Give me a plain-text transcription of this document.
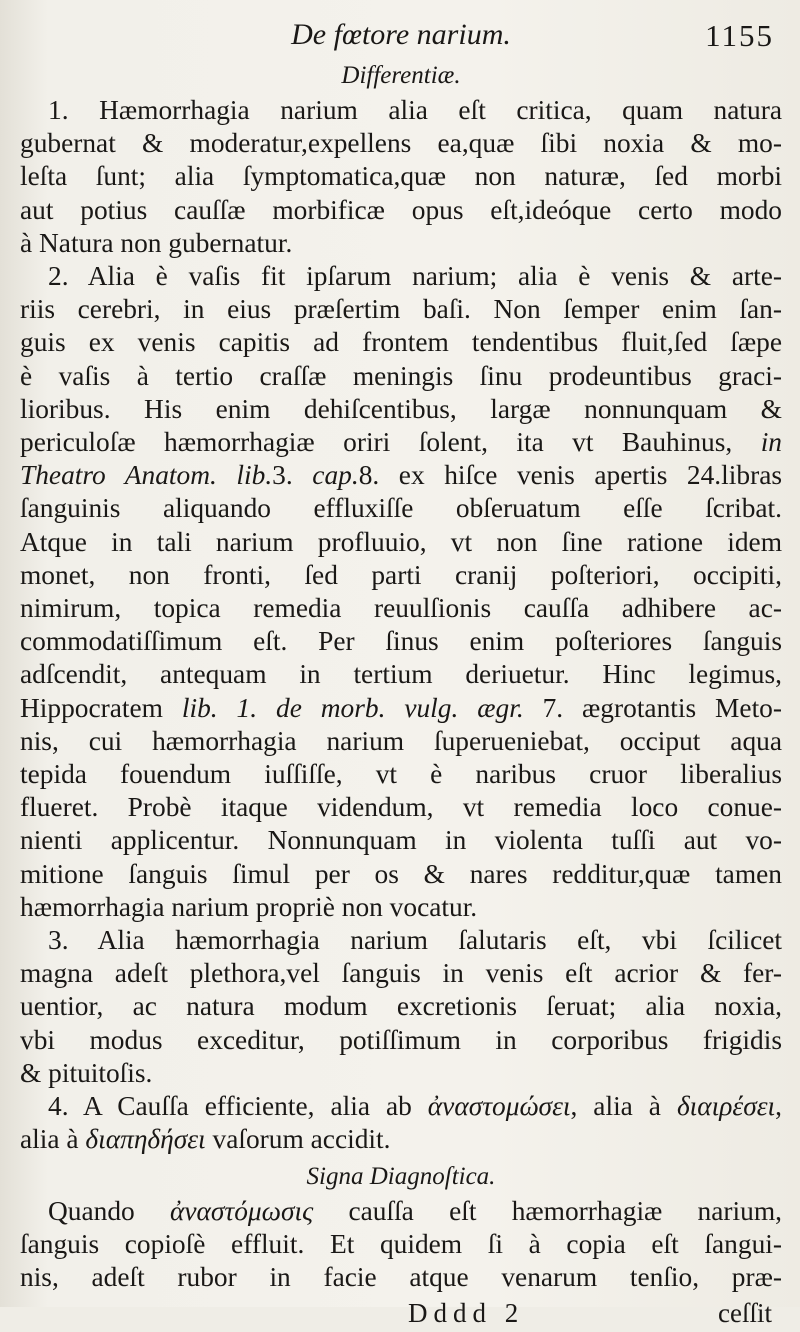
De fœtore narium.	1155
Differentiæ.
1. Hæmorrhagia narium alia eſt critica, quam natura
gubernat & moderatur,expellens ea,quæ ſibi noxia & mo-
leſta ſunt; alia ſymptomatica,quæ non naturæ, ſed morbi
aut potius cauſſæ morbificæ opus eſt,ideóque certo modo
à Natura non gubernatur.
2. Alia è vaſis fit ipſarum narium; alia è venis & arte-
riis cerebri, in eius præſertim baſi. Non ſemper enim ſan-
guis ex venis capitis ad frontem tendentibus fluit,ſed ſæpe
è vaſis à tertio craſſæ meningis ſinu prodeuntibus graci-
lioribus. His enim dehiſcentibus, largæ nonnunquam &
periculoſæ hæmorrhagiæ oriri ſolent, ita vt Bauhinus, in
Theatro Anatom. lib.3. cap.8. ex hiſce venis apertis 24.libras
ſanguinis aliquando effluxiſſe obſeruatum eſſe ſcribat.
Atque in tali narium profluuio, vt non ſine ratione idem
monet, non fronti, ſed parti cranij poſteriori, occipiti,
nimirum, topica remedia reuulſionis cauſſa adhibere ac-
commodatiſſimum eſt. Per ſinus enim poſteriores ſanguis
adſcendit, antequam in tertium deriuetur. Hinc legimus,
Hippocratem lib. 1. de morb. vulg. ægr. 7. ægrotantis Meto-
nis, cui hæmorrhagia narium ſuperueniebat, occiput aqua
tepida fouendum iuſſiſſe, vt è naribus cruor liberalius
flueret. Probè itaque videndum, vt remedia loco conue-
nienti applicentur. Nonnunquam in violenta tuſſi aut vo-
mitione ſanguis ſimul per os & nares redditur,quæ tamen
hæmorrhagia narium propriè non vocatur.
3. Alia hæmorrhagia narium ſalutaris eſt, vbi ſcilicet
magna adeſt plethora,vel ſanguis in venis eſt acrior & fer-
uentior, ac natura modum excretionis ſeruat; alia noxia,
vbi modus exceditur, potiſſimum in corporibus frigidis
& pituitoſis.
4. A Cauſſa efficiente, alia ab ἀναστομώσει, alia à διαιρέσει,
alia à διαπηδήσει vaſorum accidit.
Signa Diagnoſtica.
Quando ἀναστόμωσις cauſſa eſt hæmorrhagiæ narium,
ſanguis copioſè effluit. Et quidem ſi à copia eſt ſangui-
nis, adeſt rubor in facie atque venarum tenſio, præ-
Dddd 2	ceſſit
